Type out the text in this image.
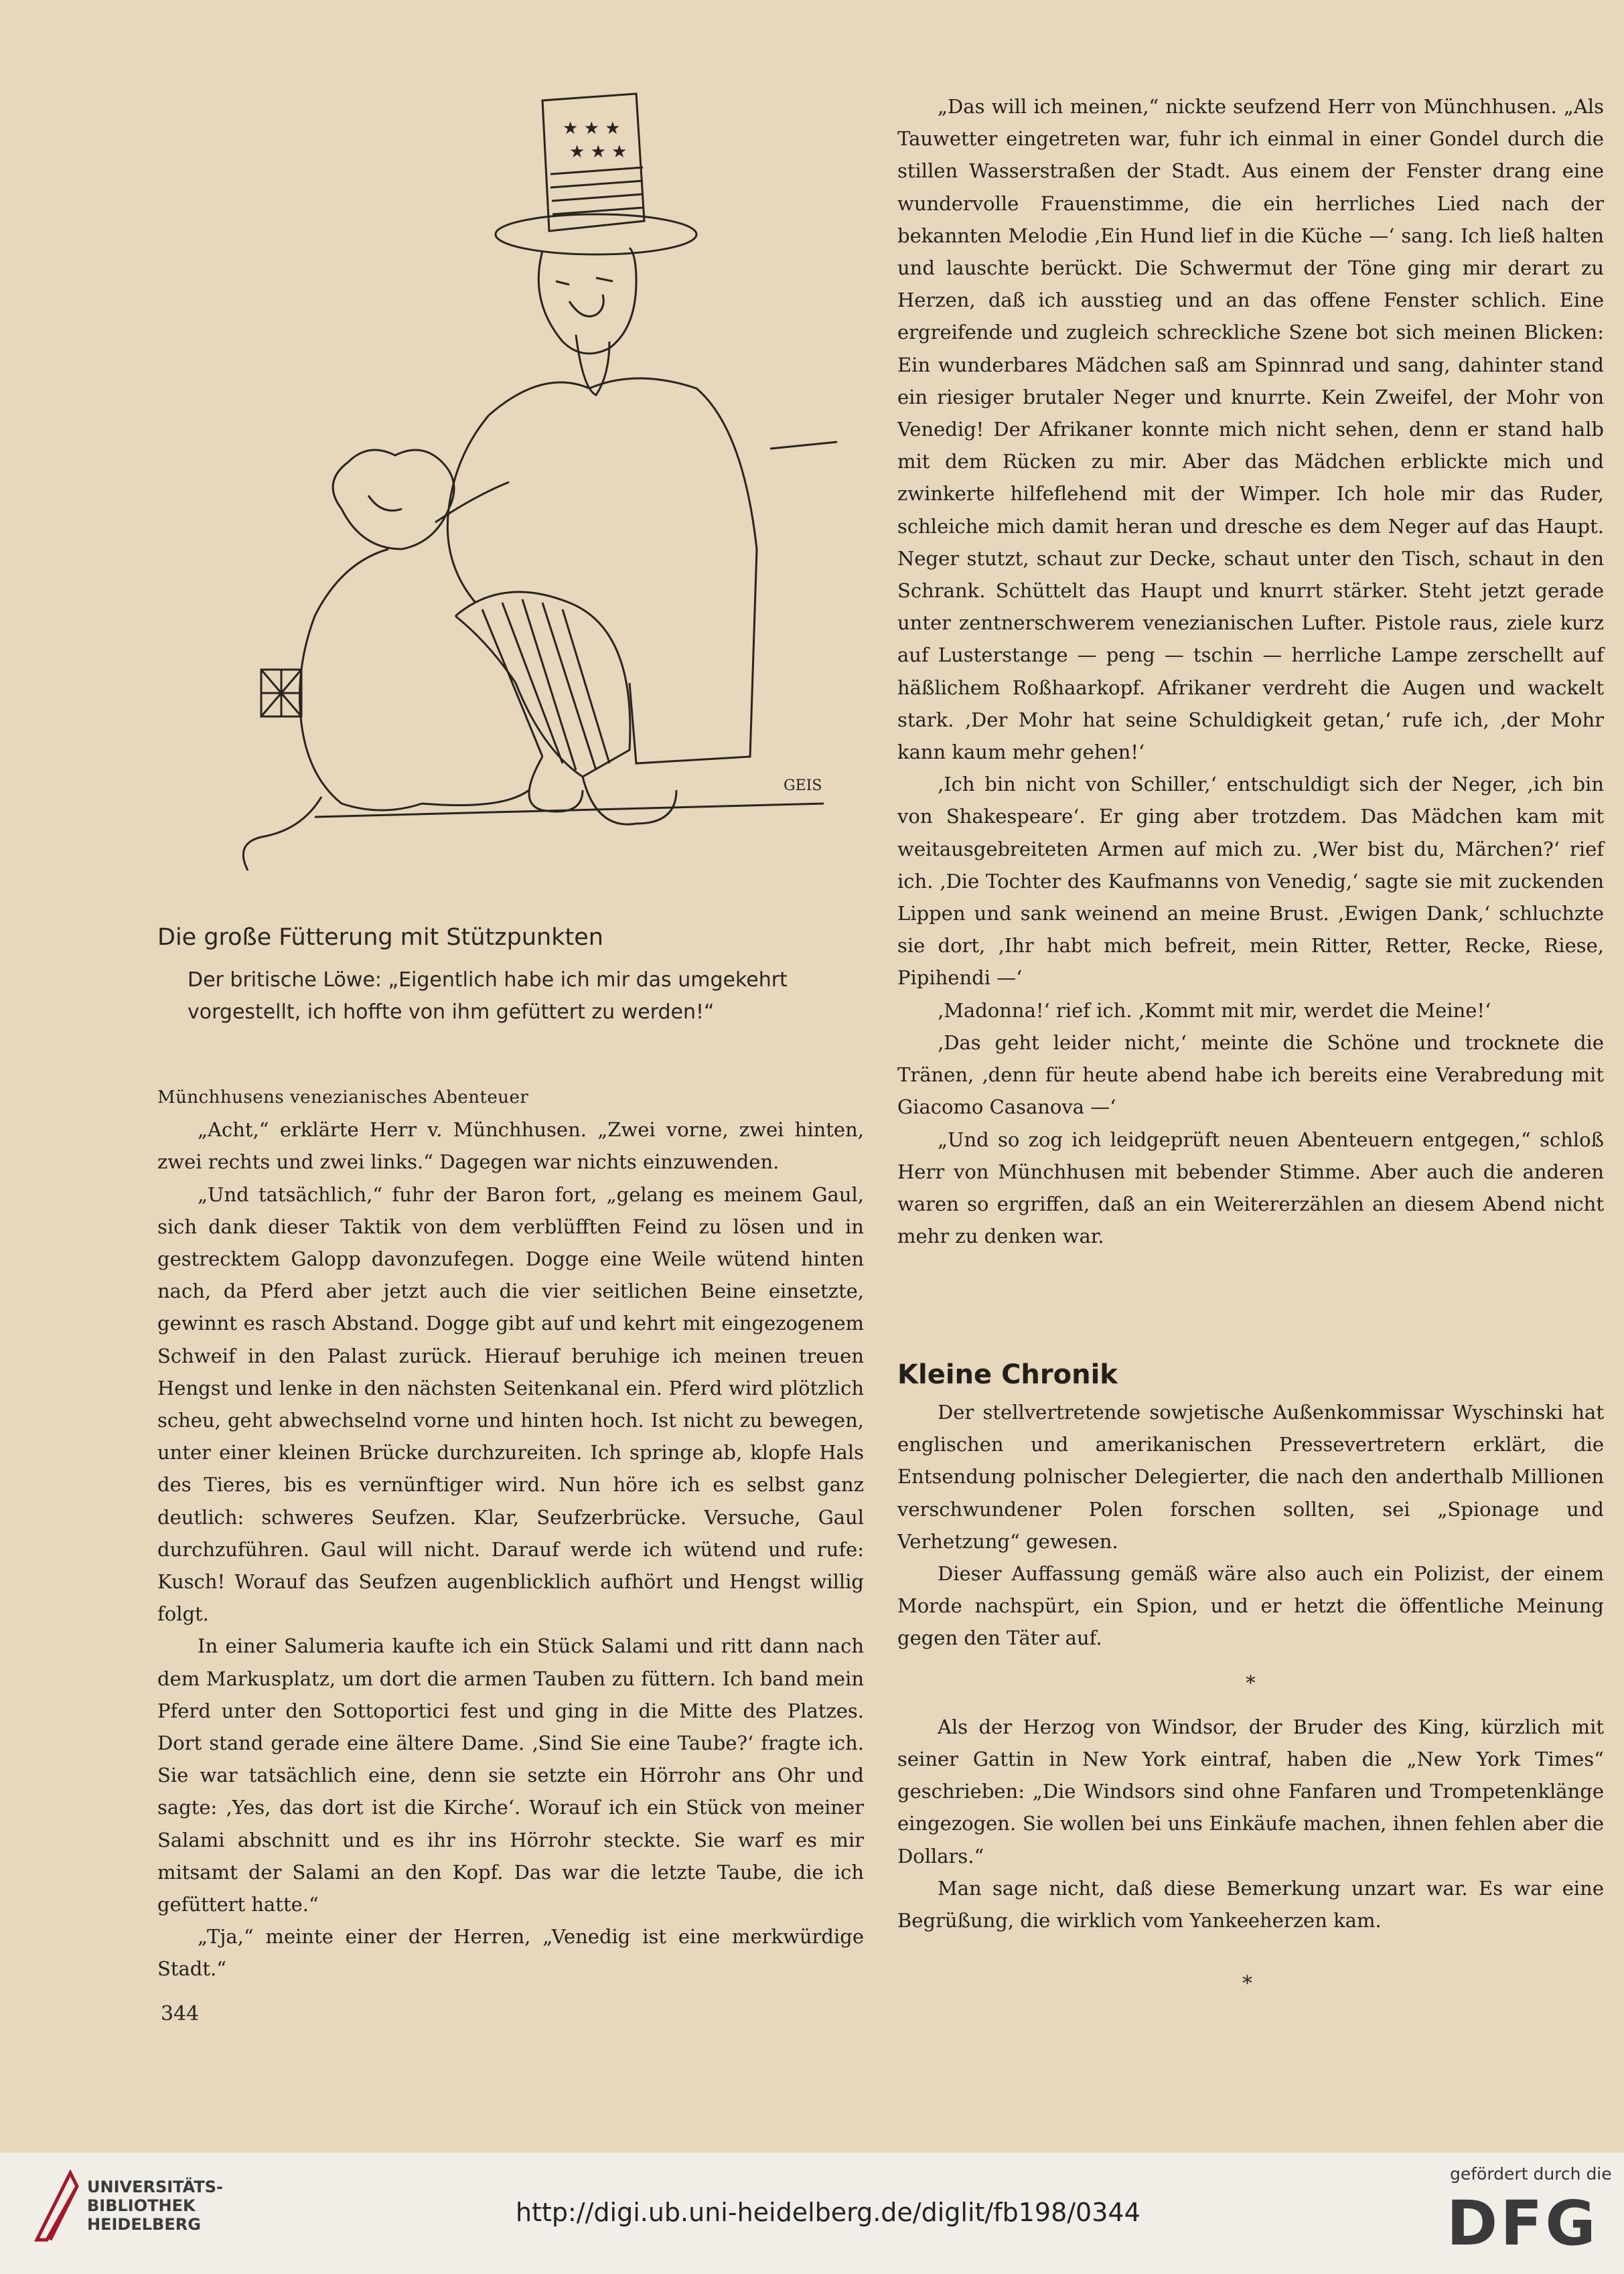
★ ★ ★
★ ★ ★
GEIS
Die große Fütterung mit Stützpunkten
Der britische Löwe: „Eigentlich habe ich mir das umgekehrt vorgestellt, ich hoffte von ihm gefüttert zu werden!“

Münchhusens venezianisches Abenteuer

„Acht,“ erklärte Herr v. Münchhusen. „Zwei vorne, zwei hinten, zwei rechts und zwei links.“ Dagegen war nichts einzuwenden.

„Und tatsächlich,“ fuhr der Baron fort, „gelang es meinem Gaul, sich dank dieser Taktik von dem verblüfften Feind zu lösen und in gestrecktem Galopp davonzufegen. Dogge eine Weile wütend hinten nach, da Pferd aber jetzt auch die vier seitlichen Beine einsetzte, gewinnt es rasch Abstand. Dogge gibt auf und kehrt mit eingezogenem Schweif in den Palast zurück. Hierauf beruhige ich meinen treuen Hengst und lenke in den nächsten Seitenkanal ein. Pferd wird plötzlich scheu, geht abwechselnd vorne und hinten hoch. Ist nicht zu bewegen, unter einer kleinen Brücke durchzureiten. Ich springe ab, klopfe Hals des Tieres, bis es vernünftiger wird. Nun höre ich es selbst ganz deutlich: schweres Seufzen. Klar, Seufzerbrücke. Versuche, Gaul durchzuführen. Gaul will nicht. Darauf werde ich wütend und rufe: Kusch! Worauf das Seufzen augenblicklich aufhört und Hengst willig folgt.

In einer Salumeria kaufte ich ein Stück Salami und ritt dann nach dem Markusplatz, um dort die armen Tauben zu füttern. Ich band mein Pferd unter den Sottoportici fest und ging in die Mitte des Platzes. Dort stand gerade eine ältere Dame. ‚Sind Sie eine Taube?‘ fragte ich. Sie war tatsächlich eine, denn sie setzte ein Hörrohr ans Ohr und sagte: ‚Yes, das dort ist die Kirche‘. Worauf ich ein Stück von meiner Salami abschnitt und es ihr ins Hörrohr steckte. Sie warf es mir mitsamt der Salami an den Kopf. Das war die letzte Taube, die ich gefüttert hatte.“

„Tja,“ meinte einer der Herren, „Venedig ist eine merkwürdige Stadt.“

„Das will ich meinen,“ nickte seufzend Herr von Münchhusen. „Als Tauwetter eingetreten war, fuhr ich einmal in einer Gondel durch die stillen Wasserstraßen der Stadt. Aus einem der Fenster drang eine wundervolle Frauenstimme, die ein herrliches Lied nach der bekannten Melodie ‚Ein Hund lief in die Küche —‘ sang. Ich ließ halten und lauschte berückt. Die Schwermut der Töne ging mir derart zu Herzen, daß ich ausstieg und an das offene Fenster schlich. Eine ergreifende und zugleich schreckliche Szene bot sich meinen Blicken: Ein wunderbares Mädchen saß am Spinnrad und sang, dahinter stand ein riesiger brutaler Neger und knurrte. Kein Zweifel, der Mohr von Venedig! Der Afrikaner konnte mich nicht sehen, denn er stand halb mit dem Rücken zu mir. Aber das Mädchen erblickte mich und zwinkerte hilfeflehend mit der Wimper. Ich hole mir das Ruder, schleiche mich damit heran und dresche es dem Neger auf das Haupt. Neger stutzt, schaut zur Decke, schaut unter den Tisch, schaut in den Schrank. Schüttelt das Haupt und knurrt stärker. Steht jetzt gerade unter zentnerschwerem venezianischen Lufter. Pistole raus, ziele kurz auf Lusterstange — peng — tschin — herrliche Lampe zerschellt auf häßlichem Roßhaarkopf. Afrikaner verdreht die Augen und wackelt stark. ‚Der Mohr hat seine Schuldigkeit getan,‘ rufe ich, ‚der Mohr kann kaum mehr gehen!‘

‚Ich bin nicht von Schiller,‘ entschuldigt sich der Neger, ‚ich bin von Shakespeare‘. Er ging aber trotzdem. Das Mädchen kam mit weitausgebreiteten Armen auf mich zu. ‚Wer bist du, Märchen?‘ rief ich. ‚Die Tochter des Kaufmanns von Venedig,‘ sagte sie mit zuckenden Lippen und sank weinend an meine Brust. ‚Ewigen Dank,‘ schluchzte sie dort, ‚Ihr habt mich befreit, mein Ritter, Retter, Recke, Riese, Pipihendi —‘

‚Madonna!‘ rief ich. ‚Kommt mit mir, werdet die Meine!‘

‚Das geht leider nicht,‘ meinte die Schöne und trocknete die Tränen, ‚denn für heute abend habe ich bereits eine Verabredung mit Giacomo Casanova —‘

„Und so zog ich leidgeprüft neuen Abenteuern entgegen,“ schloß Herr von Münchhusen mit bebender Stimme. Aber auch die anderen waren so ergriffen, daß an ein Weitererzählen an diesem Abend nicht mehr zu denken war.

Kleine Chronik

Der stellvertretende sowjetische Außenkommissar Wyschinski hat englischen und amerikanischen Pressevertretern erklärt, die Entsendung polnischer Delegierter, die nach den anderthalb Millionen verschwundener Polen forschen sollten, sei „Spionage und Verhetzung“ gewesen.

Dieser Auffassung gemäß wäre also auch ein Polizist, der einem Morde nachspürt, ein Spion, und er hetzt die öffentliche Meinung gegen den Täter auf.

*

Als der Herzog von Windsor, der Bruder des King, kürzlich mit seiner Gattin in New York eintraf, haben die „New York Times“ geschrieben: „Die Windsors sind ohne Fanfaren und Trompetenklänge eingezogen. Sie wollen bei uns Einkäufe machen, ihnen fehlen aber die Dollars.“

Man sage nicht, daß diese Bemerkung unzart war. Es war eine Begrüßung, die wirklich vom Yankeeherzen kam.

*
344
UNIVERSITÄTS-
BIBLIOTHEK
HEIDELBERG	http://digi.ub.uni-heidelberg.de/diglit/fb198/0344
gefördert durch die
DFG
